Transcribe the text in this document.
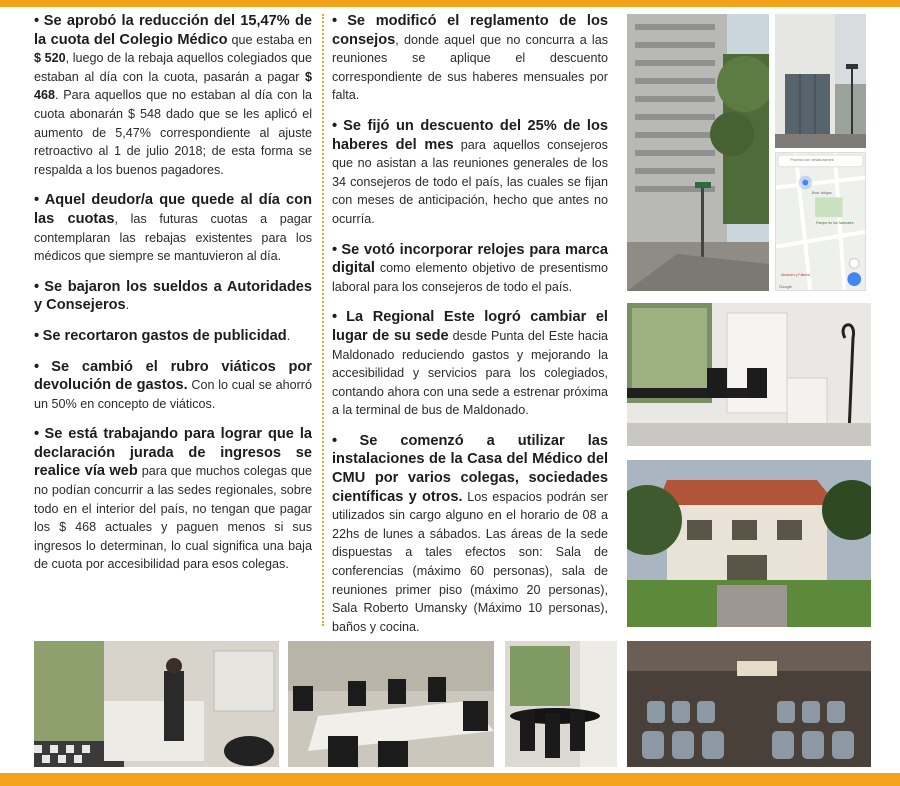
• Se aprobó la reducción del 15,47% de la cuota del Colegio Médico que estaba en $ 520, luego de la rebaja aquellos colegiados que estaban al día con la cuota, pasarán a pagar $ 468. Para aquellos que no estaban al día con la cuota abonarán $ 548 dado que se les aplicó el aumento de 5,47% correspondiente al ajuste retroactivo al 1 de julio 2018; de esta forma se respalda a los buenos pagadores.

• Aquel deudor/a que quede al día con las cuotas, las futuras cuotas a pagar contemplaran las rebajas existentes para los médicos que siempre se mantuvieron al día.

• Se bajaron los sueldos a Autoridades y Consejeros.

• Se recortaron gastos de publicidad.

• Se cambió el rubro viáticos por devolución de gastos. Con lo cual se ahorró un 50% en concepto de viáticos.

• Se está trabajando para lograr que la declaración jurada de ingresos se realice vía web para que muchos colegas que no podían concurrir a las sedes regionales, sobre todo en el interior del país, no tengan que pagar los $ 468 actuales y paguen menos si sus ingresos lo determinan, lo cual significa una baja de cuota por accesibilidad para esos colegas.

• Se modificó el reglamento de los consejos, donde aquel que no concurra a las reuniones se aplique el descuento correspondiente de sus haberes mensuales por falta.

• Se fijó un descuento del 25% de los haberes del mes para aquellos consejeros que no asistan a las reuniones generales de los 34 consejeros de todo el país, las cuales se fijan con meses de anticipación, hecho que antes no ocurría.

• Se votó incorporar relojes para marca digital como elemento objetivo de presentismo laboral para los consejeros de todo el país.

• La Regional Este logró cambiar el lugar de su sede desde Punta del Este hacia Maldonado reduciendo gastos y mejorando la accesibilidad y servicios para los colegiados, contando ahora con una sede a estrenar próxima a la terminal de bus de Maldonado.

• Se comenzó a utilizar las instalaciones de la Casa del Médico del CMU por varios colegas, sociedades científicas y otros. Los espacios podrán ser utilizados sin cargo alguno en el horario de 08 a 22hs de lunes a sábados. Las áreas de la sede dispuestas a tales efectos son: Sala de conferencias (máximo 60 personas), sala de reuniones primer piso (máximo 20 personas), Sala Roberto Umansky (Máximo 10 personas), baños y cocina.

Prueba con restaurantes
Parque de los Naturales
Bvar. Artigas
Almacén y Fábrica
Google
